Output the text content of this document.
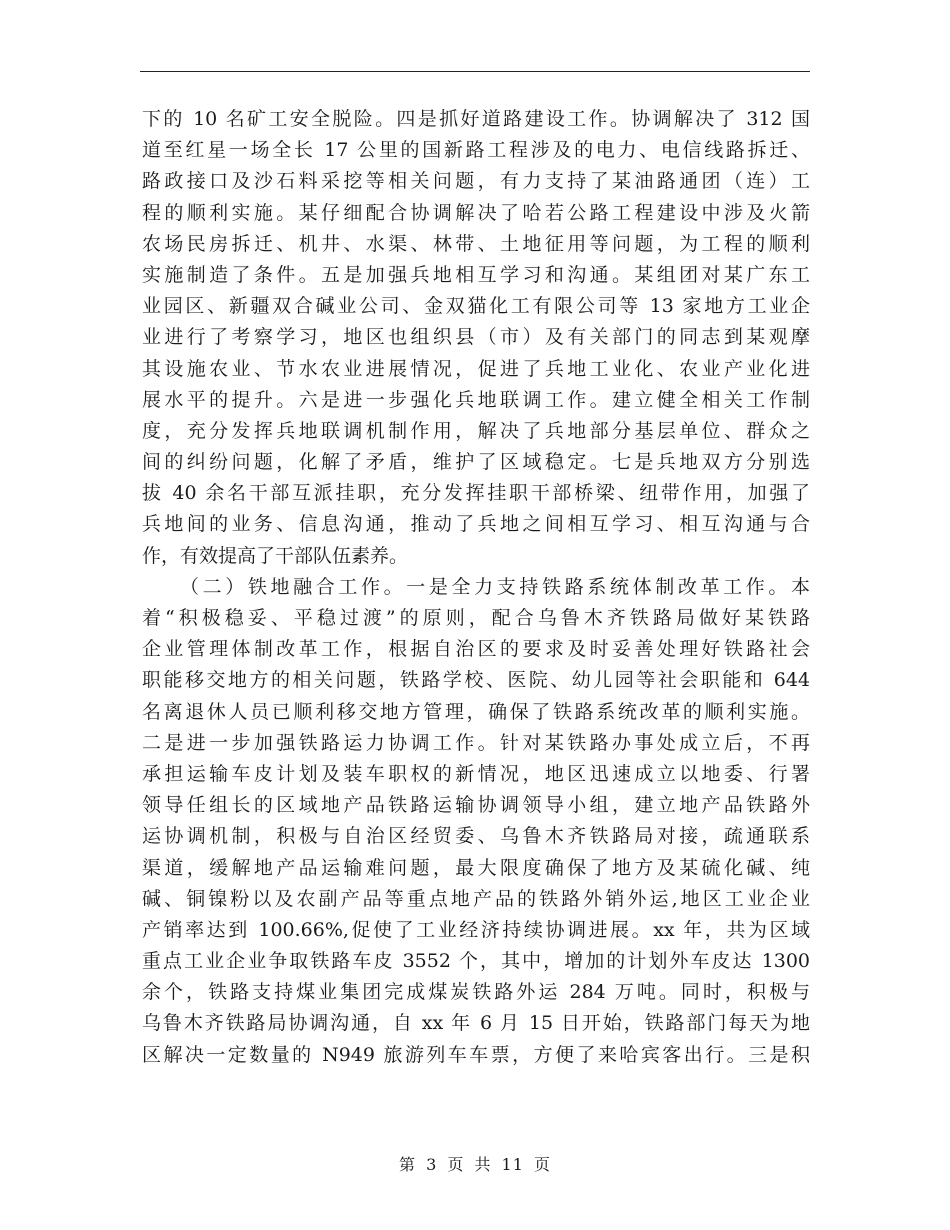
下的 10 名矿工安全脱险。四是抓好道路建设工作。协调解决了 312 国
道至红星一场全长 17 公里的国新路工程涉及的电力、电信线路拆迁、
路政接口及沙石料采挖等相关问题，有力支持了某油路通团（连）工
程的顺利实施。某仔细配合协调解决了哈若公路工程建设中涉及火箭
农场民房拆迁、机井、水渠、林带、土地征用等问题，为工程的顺利
实施制造了条件。五是加强兵地相互学习和沟通。某组团对某广东工
业园区、新疆双合碱业公司、金双猫化工有限公司等 13 家地方工业企
业进行了考察学习，地区也组织县（市）及有关部门的同志到某观摩
其设施农业、节水农业进展情况，促进了兵地工业化、农业产业化进
展水平的提升。六是进一步强化兵地联调工作。建立健全相关工作制
度，充分发挥兵地联调机制作用，解决了兵地部分基层单位、群众之
间的纠纷问题，化解了矛盾，维护了区域稳定。七是兵地双方分别选
拔 40 余名干部互派挂职，充分发挥挂职干部桥梁、纽带作用，加强了
兵地间的业务、信息沟通，推动了兵地之间相互学习、相互沟通与合
作，有效提高了干部队伍素养。
（二）铁地融合工作。一是全力支持铁路系统体制改革工作。本
着“积极稳妥、平稳过渡”的原则，配合乌鲁木齐铁路局做好某铁路
企业管理体制改革工作，根据自治区的要求及时妥善处理好铁路社会
职能移交地方的相关问题，铁路学校、医院、幼儿园等社会职能和 644
名离退休人员已顺利移交地方管理，确保了铁路系统改革的顺利实施。
二是进一步加强铁路运力协调工作。针对某铁路办事处成立后，不再
承担运输车皮计划及装车职权的新情况，地区迅速成立以地委、行署
领导任组长的区域地产品铁路运输协调领导小组，建立地产品铁路外
运协调机制，积极与自治区经贸委、乌鲁木齐铁路局对接，疏通联系
渠道，缓解地产品运输难问题，最大限度确保了地方及某硫化碱、纯
碱、铜镍粉以及农副产品等重点地产品的铁路外销外运,地区工业企业
产销率达到 100.66%,促使了工业经济持续协调进展。xx 年，共为区域
重点工业企业争取铁路车皮 3552 个，其中，增加的计划外车皮达 1300
余个，铁路支持煤业集团完成煤炭铁路外运 284 万吨。同时，积极与
乌鲁木齐铁路局协调沟通，自 xx 年 6 月 15 日开始，铁路部门每天为地
区解决一定数量的 N949 旅游列车车票，方便了来哈宾客出行。三是积
第 3 页 共 11 页
